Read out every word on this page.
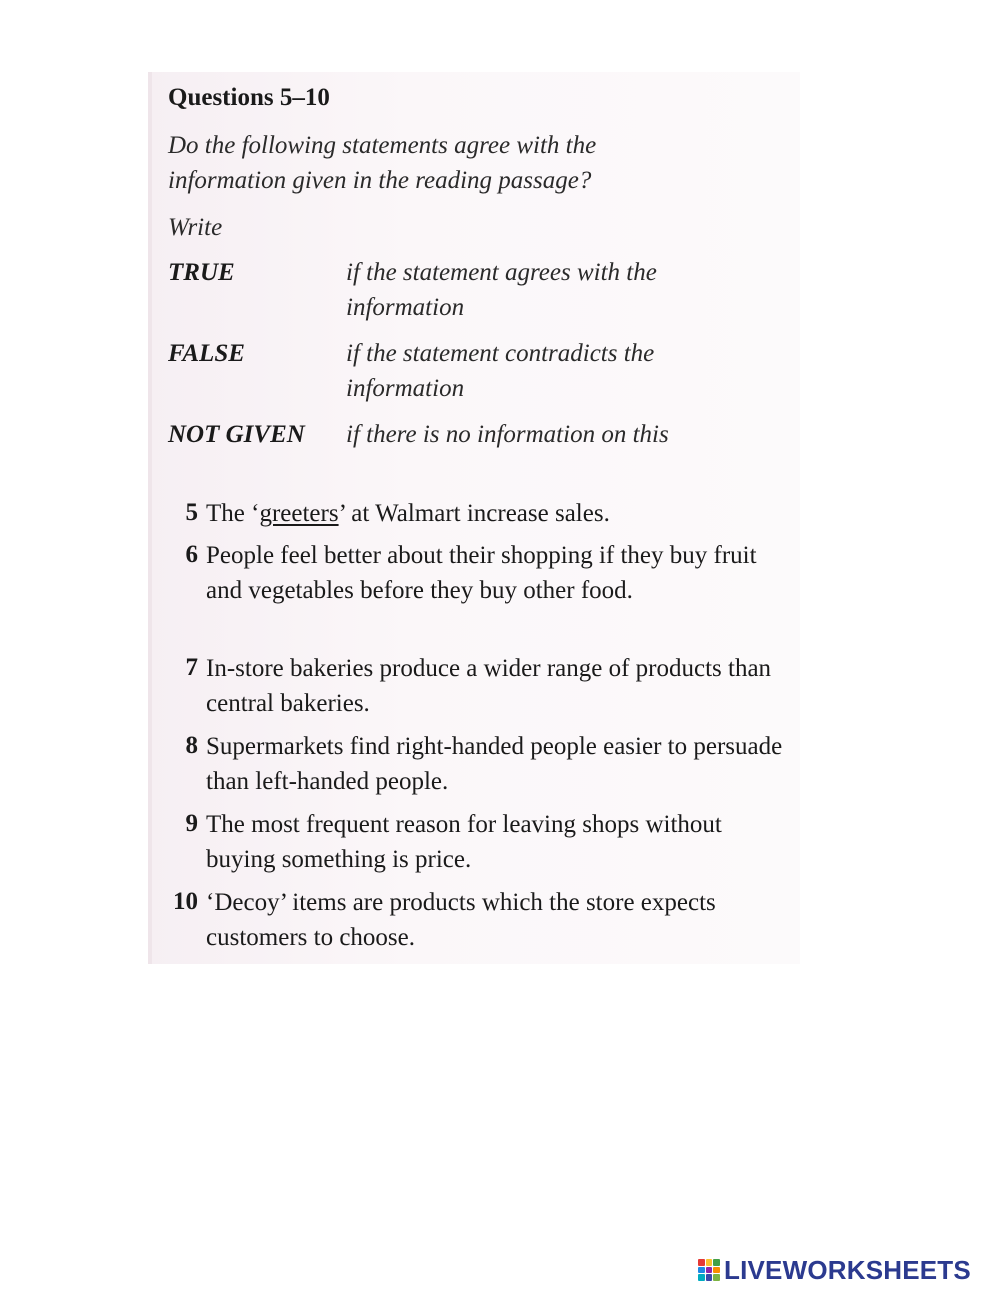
Questions 5–10
Do the following statements agree with the
information given in the reading passage?
Write
TRUE	if the statement agrees with the
information
FALSE	if the statement contradicts the
information
NOT GIVEN if there is no information on this
5 The ‘greeters’ at Walmart increase sales.
6 People feel better about their shopping if they buy fruit and vegetables before they buy other food.
7 In-store bakeries produce a wider range of products than central bakeries.
8 Supermarkets find right-handed people easier to persuade than left-handed people.
9 The most frequent reason for leaving shops without buying something is price.
10 ‘Decoy’ items are products which the store expects customers to choose.
LIVEWORKSHEETS
